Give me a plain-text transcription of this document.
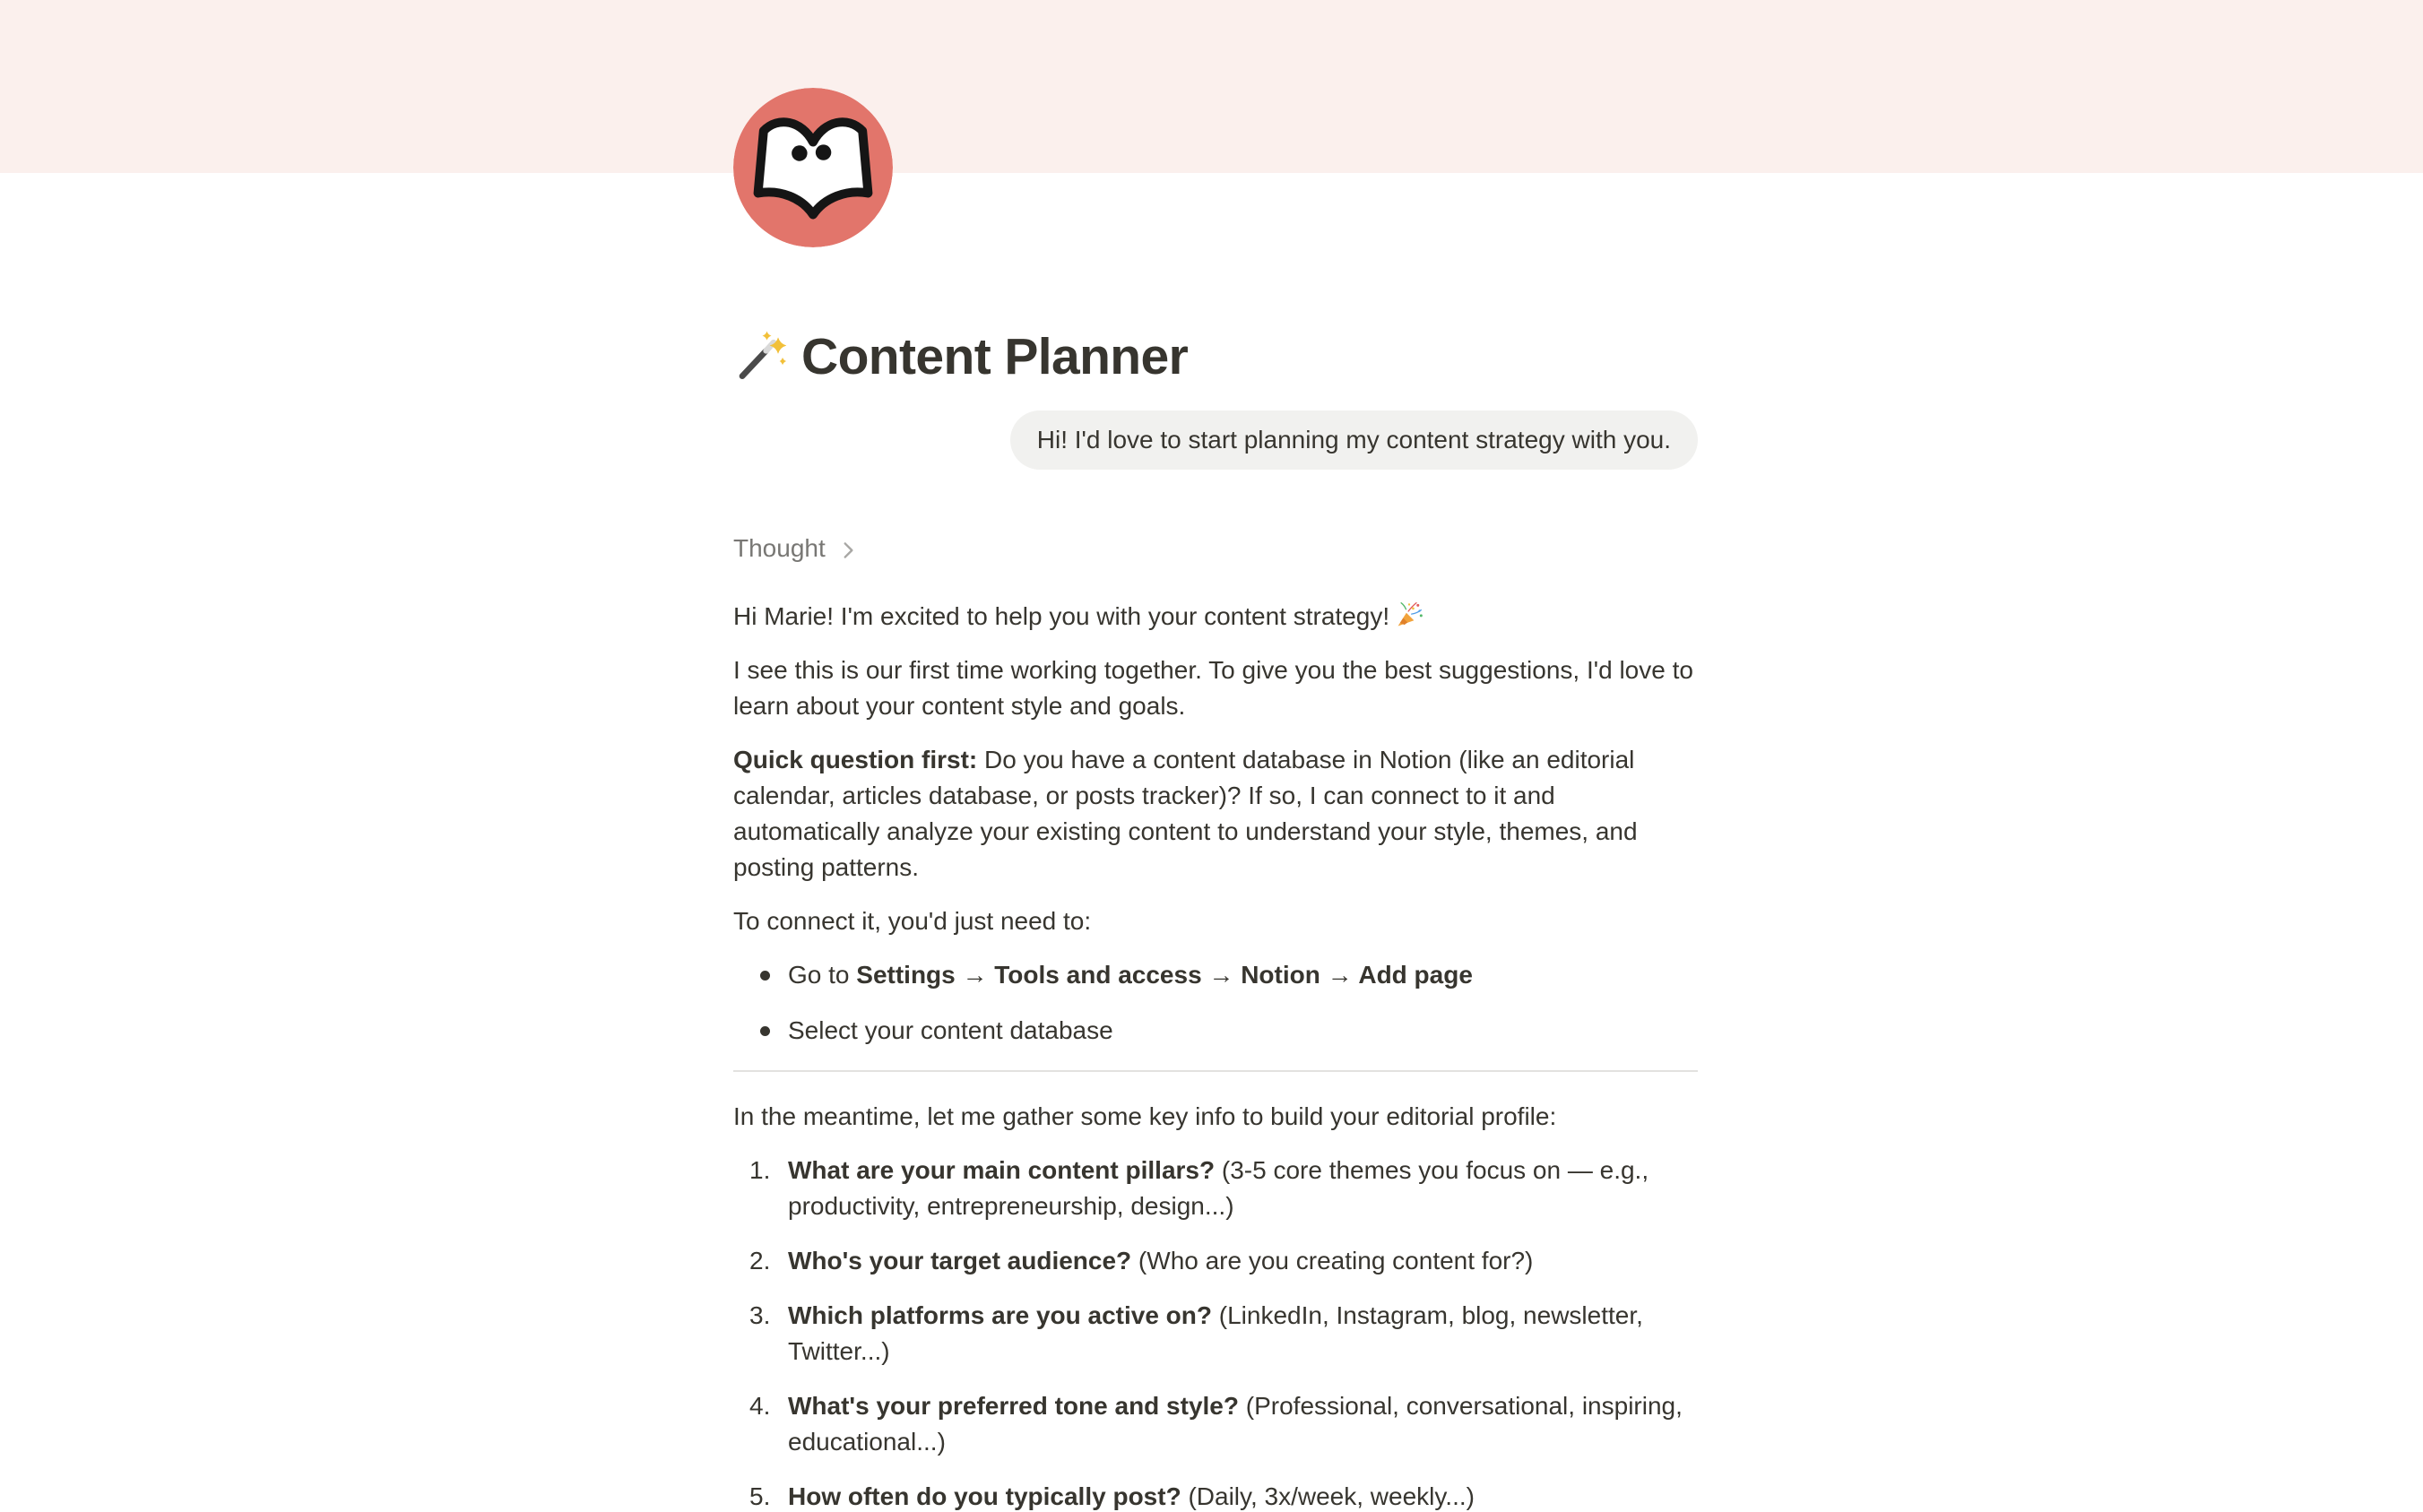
Content Planner
Hi! I'd love to start planning my content strategy with you.
Thought

Hi Marie! I'm excited to help you with your content strategy!

I see this is our first time working together. To give you the best suggestions, I'd love to learn about your content style and goals.

Quick question first: Do you have a content database in Notion (like an editorial calendar, articles database, or posts tracker)? If so, I can connect to it and automatically analyze your existing content to understand your style, themes, and posting patterns.

To connect it, you'd just need to:

Go to Settings → Tools and access → Notion → Add page
Select your content database

In the meantime, let me gather some key info to build your editorial profile:

1. What are your main content pillars? (3-5 core themes you focus on — e.g., productivity, entrepreneurship, design...)
2. Who's your target audience? (Who are you creating content for?)
3. Which platforms are you active on? (LinkedIn, Instagram, blog, newsletter, Twitter...)
4. What's your preferred tone and style? (Professional, conversational, inspiring, educational...)
5. How often do you typically post? (Daily, 3x/week, weekly...)
